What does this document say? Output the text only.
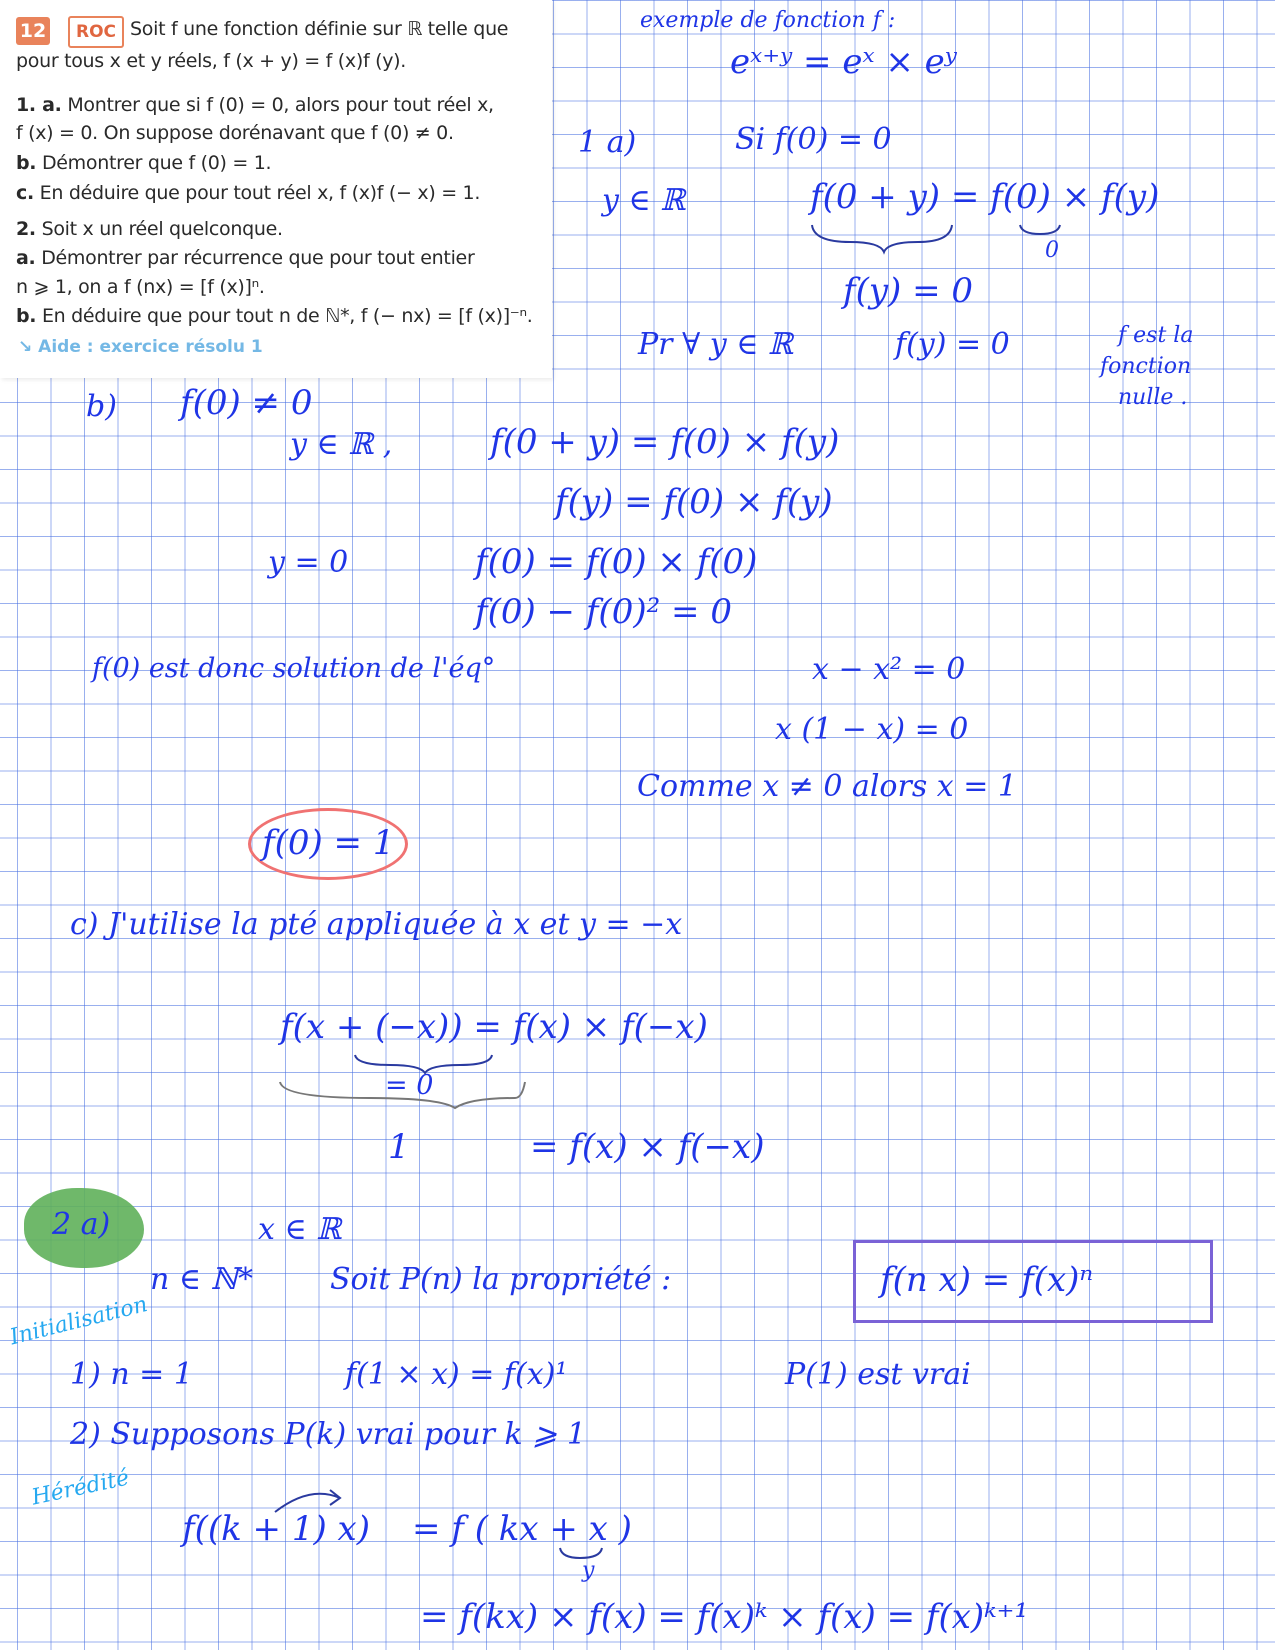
12	ROC Soit f une fonction définie sur ℝ telle que
pour tous x et y réels, f (x + y) = f (x)f (y).
1. a. Montrer que si f (0) = 0, alors pour tout réel x,
f (x) = 0. On suppose dorénavant que f (0) ≠ 0.
b. Démontrer que f (0) = 1.
c. En déduire que pour tout réel x, f (x)f (− x) = 1.
2. Soit x un réel quelconque.
a. Démontrer par récurrence que pour tout entier
n ⩾ 1, on a f (nx) = [f (x)]ⁿ.
b. En déduire que pour tout n de ℕ*, f (− nx) = [f (x)]⁻ⁿ.
↘ Aide : exercice résolu 1
exemple de fonction f :
eˣ⁺ʸ = eˣ × eʸ
1 a)	Si f(0) = 0
y ∈ ℝ	f(0 + y) = f(0) × f(y)
0
f(y) = 0
Pr ∀ y ∈ ℝ	f(y) = 0	f est la
fonction
nulle .
b) f(0) ≠ 0
y ∈ ℝ ,	f(0 + y) = f(0) × f(y)
f(y) = f(0) × f(y)
y = 0	f(0) = f(0) × f(0)
f(0) − f(0)² = 0
f(0) est donc solution de l'éq°	x − x² = 0
x (1 − x) = 0
Comme x ≠ 0 alors x = 1
f(0) = 1
c) J'utilise la pté appliquée à x et y = −x
f(x + (−x)) = f(x) × f(−x)
= 0
1	= f(x) × f(−x)
2 a)	x ∈ ℝ
n ∈ ℕ*	Soit P(n) la propriété :	f(n x) = f(x)ⁿ
Initialisation
1) n = 1	f(1 × x) = f(x)¹	P(1) est vrai
2) Supposons P(k) vrai pour k ⩾ 1
Hérédité
f((k + 1) x) = f ( kx + x )
y
= f(kx) × f(x) = f(x)ᵏ × f(x) = f(x)ᵏ⁺¹
